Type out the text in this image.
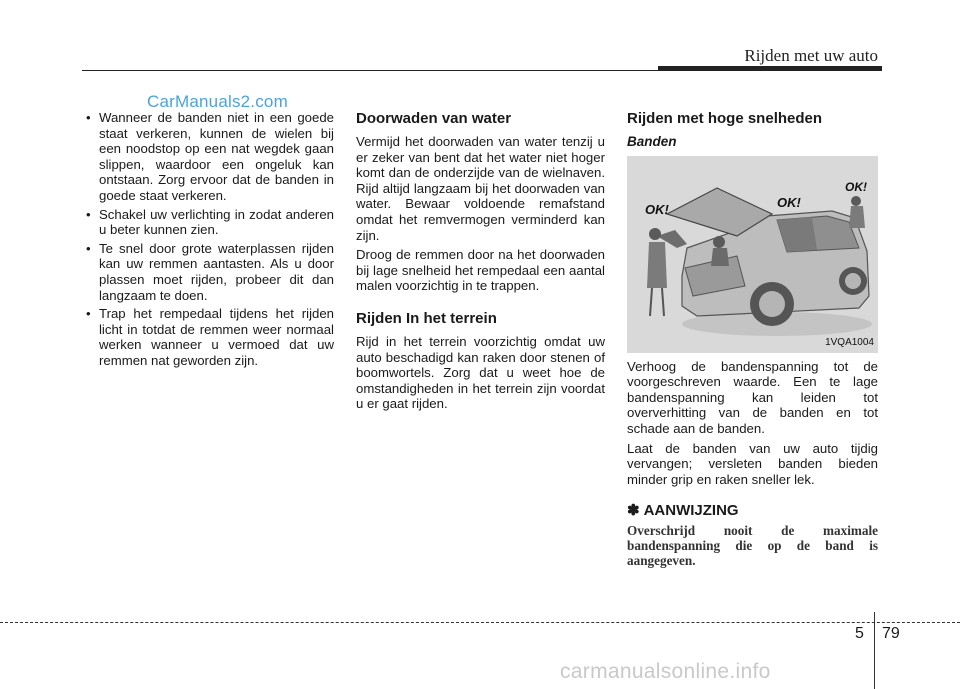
Rijden met uw auto
CarManuals2.com
• Wanneer de banden niet in een goede staat verkeren, kunnen de wielen bij een noodstop op een nat wegdek gaan slippen, waardoor een ongeluk kan ontstaan. Zorg ervoor dat de banden in goede staat verkeren.
• Schakel uw verlichting in zodat anderen u beter kunnen zien.
• Te snel door grote waterplassen rijden kan uw remmen aantasten. Als u door plassen moet rijden, probeer dit dan langzaam te doen.
• Trap het rempedaal tijdens het rijden licht in totdat de remmen weer normaal werken wanneer u vermoed dat uw remmen nat geworden zijn.
Doorwaden van water

Vermijd het doorwaden van water tenzij u er zeker van bent dat het water niet hoger komt dan de onderzijde van de wielnaven. Rijd altijd langzaam bij het doorwaden van water. Bewaar voldoende remafstand omdat het remvermogen verminderd kan zijn.

Droog de remmen door na het doorwaden bij lage snelheid het rempedaal een aantal malen voorzichtig in te trappen.

Rijden In het terrein

Rijd in het terrein voorzichtig omdat uw auto beschadigd kan raken door stenen of boomwortels. Zorg dat u weet hoe de omstandigheden in het terrein zijn voordat u er gaat rijden.

Rijden met hoge snelheden
Banden
OK!	OK!
OK!
1VQA1004

Verhoog de bandenspanning tot de voorgeschreven waarde. Een te lage bandenspanning kan leiden tot oververhitting van de banden en tot schade aan de banden.

Laat de banden van uw auto tijdig vervangen; versleten banden bieden minder grip en raken sneller lek.

✽ AANWIJZING
Overschrijd nooit de maximale bandenspanning die op de band is aangegeven.
5 79
carmanualsonline.info
